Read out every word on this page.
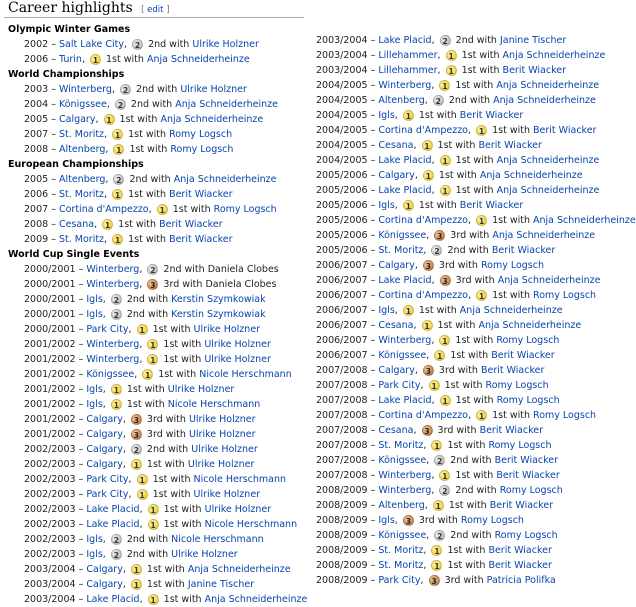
Career highlights [ edit ]
Olympic Winter Games
2002 – Salt Lake City, 2 2nd with Ulrike Holzner
2006 – Turin, 1 1st with Anja Schneiderheinze
World Championships
2003 – Winterberg, 2 2nd with Ulrike Holzner
2004 – Königssee, 2 2nd with Anja Schneiderheinze
2005 – Calgary, 1 1st with Anja Schneiderheinze
2007 – St. Moritz, 1 1st with Romy Logsch
2008 – Altenberg, 1 1st with Romy Logsch
European Championships
2005 – Altenberg, 2 2nd with Anja Schneiderheinze
2006 – St. Moritz, 1 1st with Berit Wiacker
2007 – Cortina d'Ampezzo, 1 1st with Romy Logsch
2008 – Cesana, 1 1st with Berit Wiacker
2009 – St. Moritz, 1 1st with Berit Wiacker
World Cup Single Events
2000/2001 – Winterberg, 2 2nd with Daniela Clobes
2000/2001 – Winterberg, 3 3rd with Daniela Clobes
2000/2001 – Igls, 2 2nd with Kerstin Szymkowiak
2000/2001 – Igls, 2 2nd with Kerstin Szymkowiak
2000/2001 – Park City, 1 1st with Ulrike Holzner
2001/2002 – Winterberg, 1 1st with Ulrike Holzner
2001/2002 – Winterberg, 1 1st with Ulrike Holzner
2001/2002 – Königssee, 1 1st with Nicole Herschmann
2001/2002 – Igls, 1 1st with Ulrike Holzner
2001/2002 – Igls, 1 1st with Nicole Herschmann
2001/2002 – Calgary, 3 3rd with Ulrike Holzner
2001/2002 – Calgary, 3 3rd with Ulrike Holzner
2002/2003 – Calgary, 2 2nd with Ulrike Holzner
2002/2003 – Calgary, 1 1st with Ulrike Holzner
2002/2003 – Park City, 1 1st with Nicole Herschmann
2002/2003 – Park City, 1 1st with Ulrike Holzner
2002/2003 – Lake Placid, 1 1st with Ulrike Holzner
2002/2003 – Lake Placid, 1 1st with Nicole Herschmann
2002/2003 – Igls, 2 2nd with Nicole Herschmann
2002/2003 – Igls, 2 2nd with Ulrike Holzner
2003/2004 – Calgary, 1 1st with Anja Schneiderheinze
2003/2004 – Calgary, 1 1st with Janine Tischer
2003/2004 – Lake Placid, 1 1st with Anja Schneiderheinze
2003/2004 – Lake Placid, 2 2nd with Janine Tischer
2003/2004 – Lillehammer, 1 1st with Anja Schneiderheinze
2003/2004 – Lillehammer, 1 1st with Berit Wiacker
2004/2005 – Winterberg, 1 1st with Anja Schneiderheinze
2004/2005 – Altenberg, 2 2nd with Anja Schneiderheinze
2004/2005 – Igls, 1 1st with Berit Wiacker
2004/2005 – Cortina d'Ampezzo, 1 1st with Berit Wiacker
2004/2005 – Cesana, 1 1st with Berit Wiacker
2004/2005 – Lake Placid, 1 1st with Anja Schneiderheinze
2005/2006 – Calgary, 1 1st with Anja Schneiderheinze
2005/2006 – Lake Placid, 1 1st with Anja Schneiderheinze
2005/2006 – Igls, 1 1st with Berit Wiacker
2005/2006 – Cortina d'Ampezzo, 1 1st with Anja Schneiderheinze
2005/2006 – Königssee, 3 3rd with Anja Schneiderheinze
2005/2006 – St. Moritz, 2 2nd with Berit Wiacker
2006/2007 – Calgary, 3 3rd with Romy Logsch
2006/2007 – Lake Placid, 3 3rd with Anja Schneiderheinze
2006/2007 – Cortina d'Ampezzo, 1 1st with Romy Logsch
2006/2007 – Igls, 1 1st with Anja Schneiderheinze
2006/2007 – Cesana, 1 1st with Anja Schneiderheinze
2006/2007 – Winterberg, 1 1st with Romy Logsch
2006/2007 – Königssee, 1 1st with Berit Wiacker
2007/2008 – Calgary, 3 3rd with Berit Wiacker
2007/2008 – Park City, 1 1st with Romy Logsch
2007/2008 – Lake Placid, 1 1st with Romy Logsch
2007/2008 – Cortina d'Ampezzo, 1 1st with Romy Logsch
2007/2008 – Cesana, 3 3rd with Berit Wiacker
2007/2008 – St. Moritz, 1 1st with Romy Logsch
2007/2008 – Königssee, 2 2nd with Berit Wiacker
2007/2008 – Winterberg, 1 1st with Berit Wiacker
2008/2009 – Winterberg, 2 2nd with Romy Logsch
2008/2009 – Altenberg, 1 1st with Berit Wiacker
2008/2009 – Igls, 3 3rd with Romy Logsch
2008/2009 – Königssee, 2 2nd with Romy Logsch
2008/2009 – St. Moritz, 1 1st with Berit Wiacker
2008/2009 – St. Moritz, 1 1st with Berit Wiacker
2008/2009 – Park City, 3 3rd with Patricia Polifka
